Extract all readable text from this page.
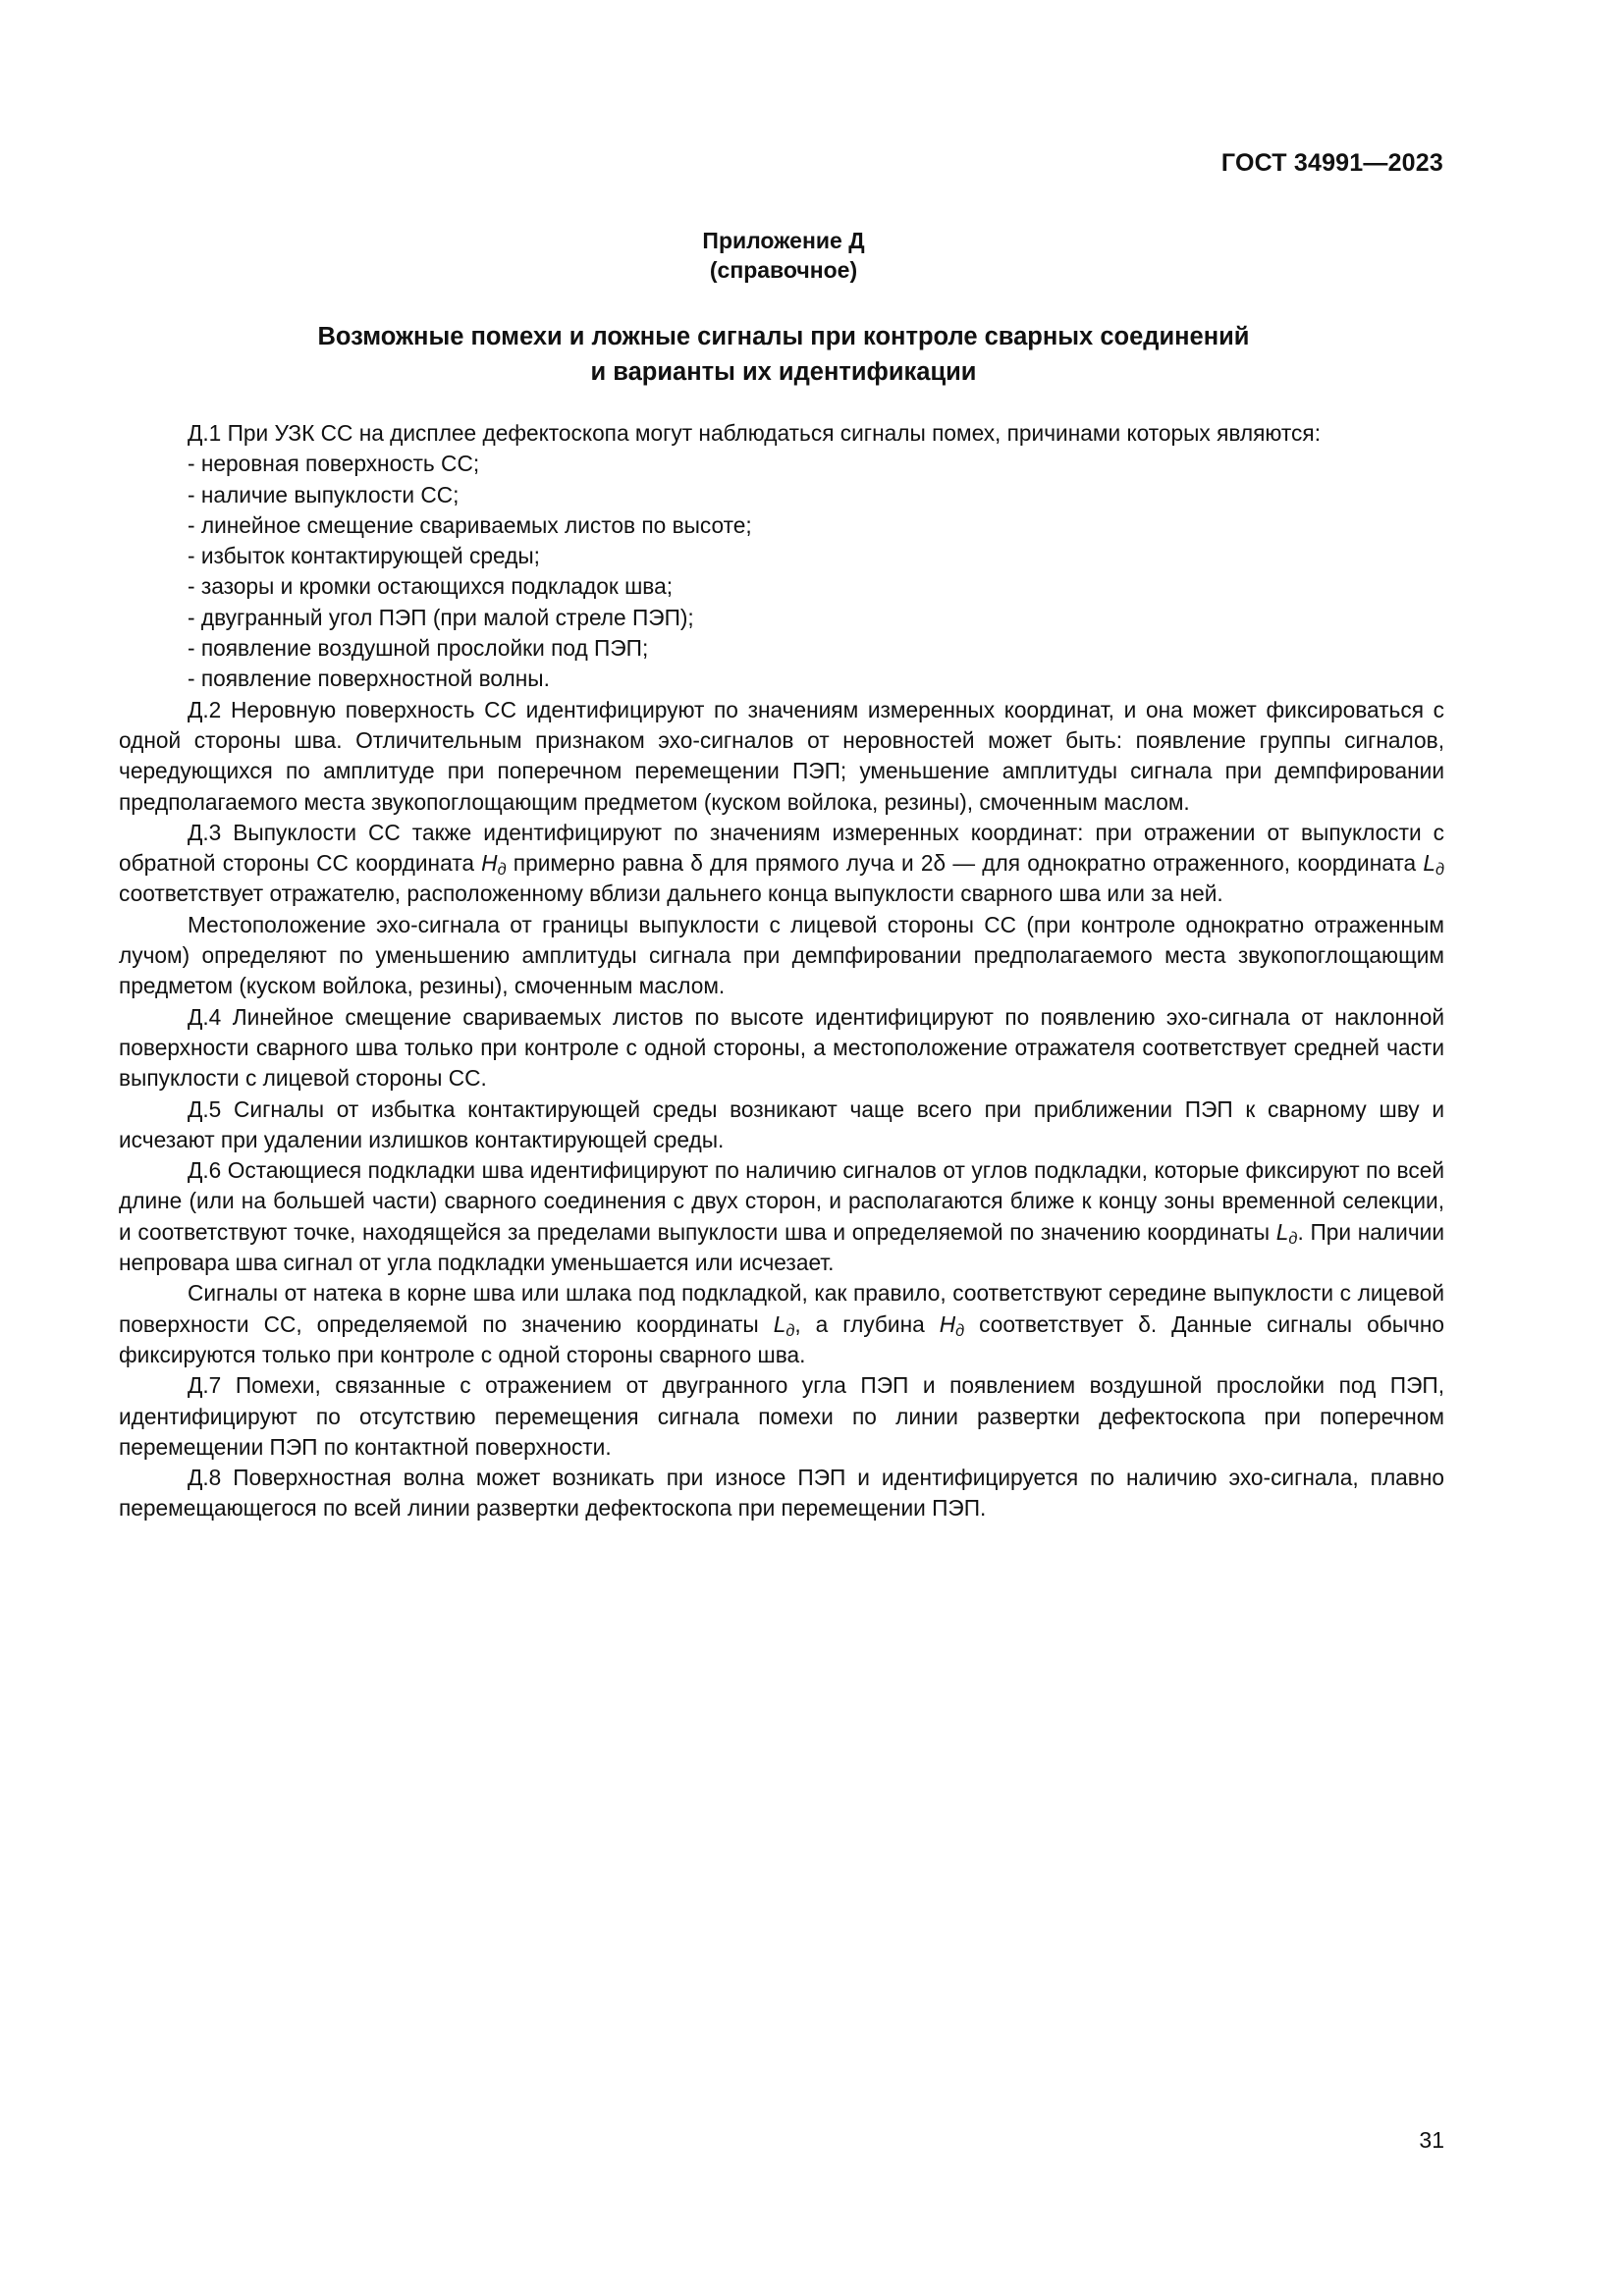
ГОСТ 34991—2023
Приложение Д
(справочное)
Возможные помехи и ложные сигналы при контроле сварных соединений
и варианты их идентификации

Д.1 При УЗК СС на дисплее дефектоскопа могут наблюдаться сигналы помех, причинами которых являются:

- неровная поверхность СС;

- наличие выпуклости СС;

- линейное смещение свариваемых листов по высоте;

- избыток контактирующей среды;

- зазоры и кромки остающихся подкладок шва;

- двугранный угол ПЭП (при малой стреле ПЭП);

- появление воздушной прослойки под ПЭП;

- появление поверхностной волны.

Д.2 Неровную поверхность СС идентифицируют по значениям измеренных координат, и она может фиксироваться с одной стороны шва. Отличительным признаком эхо-сигналов от неровностей может быть: появление группы сигналов, чередующихся по амплитуде при поперечном перемещении ПЭП; уменьшение амплитуды сигнала при демпфировании предполагаемого места звукопоглощающим предметом (куском войлока, резины), смоченным маслом.

Д.3 Выпуклости СС также идентифицируют по значениям измеренных координат: при отражении от выпуклости с обратной стороны СС координата $H_д$ примерно равна δ для прямого луча и 2δ — для однократно отраженного, координата $L_д$ соответствует отражателю, расположенному вблизи дальнего конца выпуклости сварного шва или за ней.

Местоположение эхо-сигнала от границы выпуклости с лицевой стороны СС (при контроле однократно отраженным лучом) определяют по уменьшению амплитуды сигнала при демпфировании предполагаемого места звукопоглощающим предметом (куском войлока, резины), смоченным маслом.

Д.4 Линейное смещение свариваемых листов по высоте идентифицируют по появлению эхо-сигнала от наклонной поверхности сварного шва только при контроле с одной стороны, а местоположение отражателя соответствует средней части выпуклости с лицевой стороны СС.

Д.5 Сигналы от избытка контактирующей среды возникают чаще всего при приближении ПЭП к сварному шву и исчезают при удалении излишков контактирующей среды.

Д.6 Остающиеся подкладки шва идентифицируют по наличию сигналов от углов подкладки, которые фиксируют по всей длине (или на большей части) сварного соединения с двух сторон, и располагаются ближе к концу зоны временной селекции, и соответствуют точке, находящейся за пределами выпуклости шва и определяемой по значению координаты $L_д$. При наличии непровара шва сигнал от угла подкладки уменьшается или исчезает.

Сигналы от натека в корне шва или шлака под подкладкой, как правило, соответствуют середине выпуклости с лицевой поверхности СС, определяемой по значению координаты $L_д$, а глубина $H_д$ соответствует δ. Данные сигналы обычно фиксируются только при контроле с одной стороны сварного шва.

Д.7 Помехи, связанные с отражением от двугранного угла ПЭП и появлением воздушной прослойки под ПЭП, идентифицируют по отсутствию перемещения сигнала помехи по линии развертки дефектоскопа при поперечном перемещении ПЭП по контактной поверхности.

Д.8 Поверхностная волна может возникать при износе ПЭП и идентифицируется по наличию эхо-сигнала, плавно перемещающегося по всей линии развертки дефектоскопа при перемещении ПЭП.

31
